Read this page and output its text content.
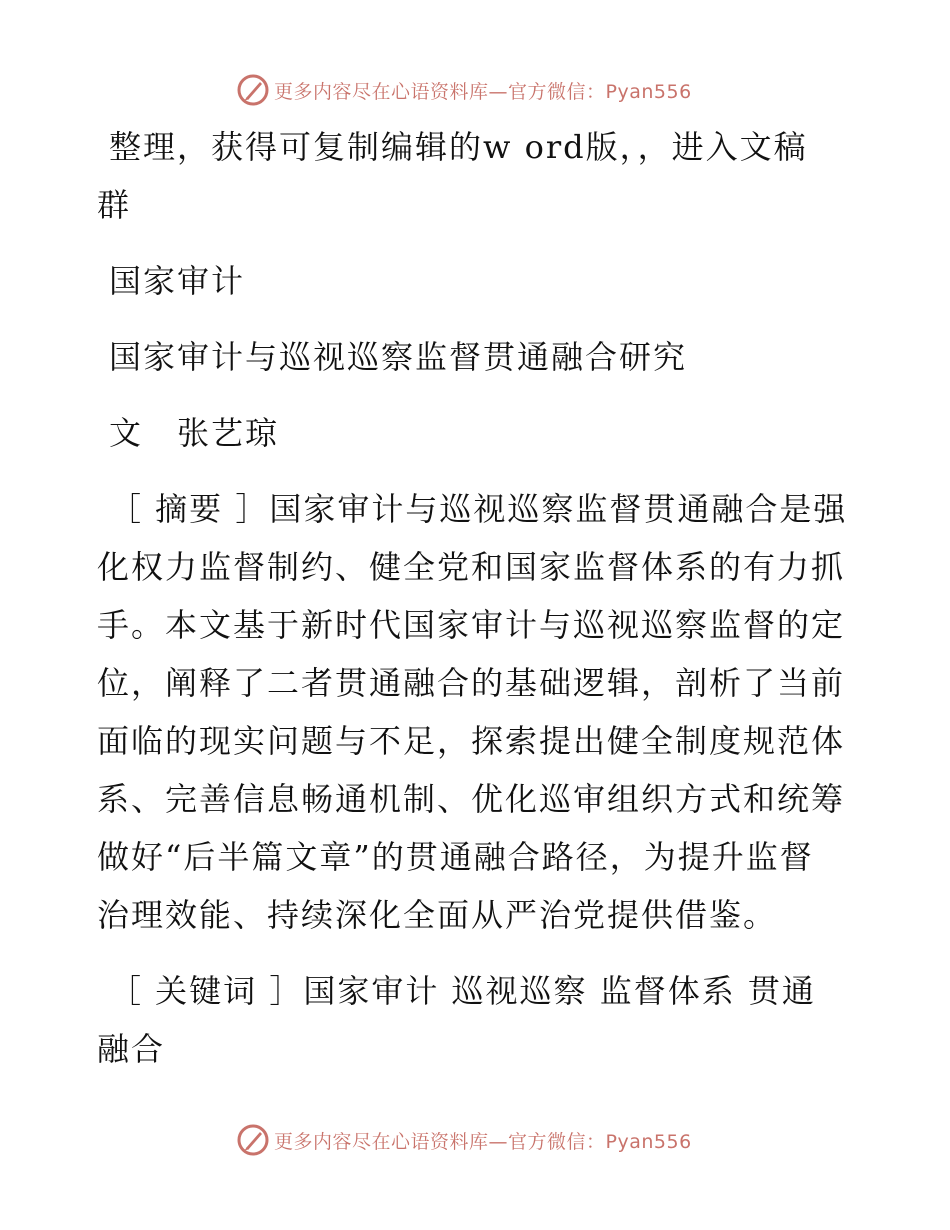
更多内容尽在心语资料库—官方微信：Pyan556

整理，获得可复制编辑的w ord版，，进入文稿

群

国家审计

国家审计与巡视巡察监督贯通融合研究

文　张艺琼

［ 摘要 ］国家审计与巡视巡察监督贯通融合是强

化权力监督制约、健全党和国家监督体系的有力抓

手。本文基于新时代国家审计与巡视巡察监督的定

位，阐释了二者贯通融合的基础逻辑，剖析了当前

面临的现实问题与不足，探索提出健全制度规范体

系、完善信息畅通机制、优化巡审组织方式和统筹

做好“后半篇文章”的贯通融合路径，为提升监督

治理效能、持续深化全面从严治党提供借鉴。

［ 关键词 ］国家审计 巡视巡察 监督体系 贯通

融合

更多内容尽在心语资料库—官方微信：Pyan556
